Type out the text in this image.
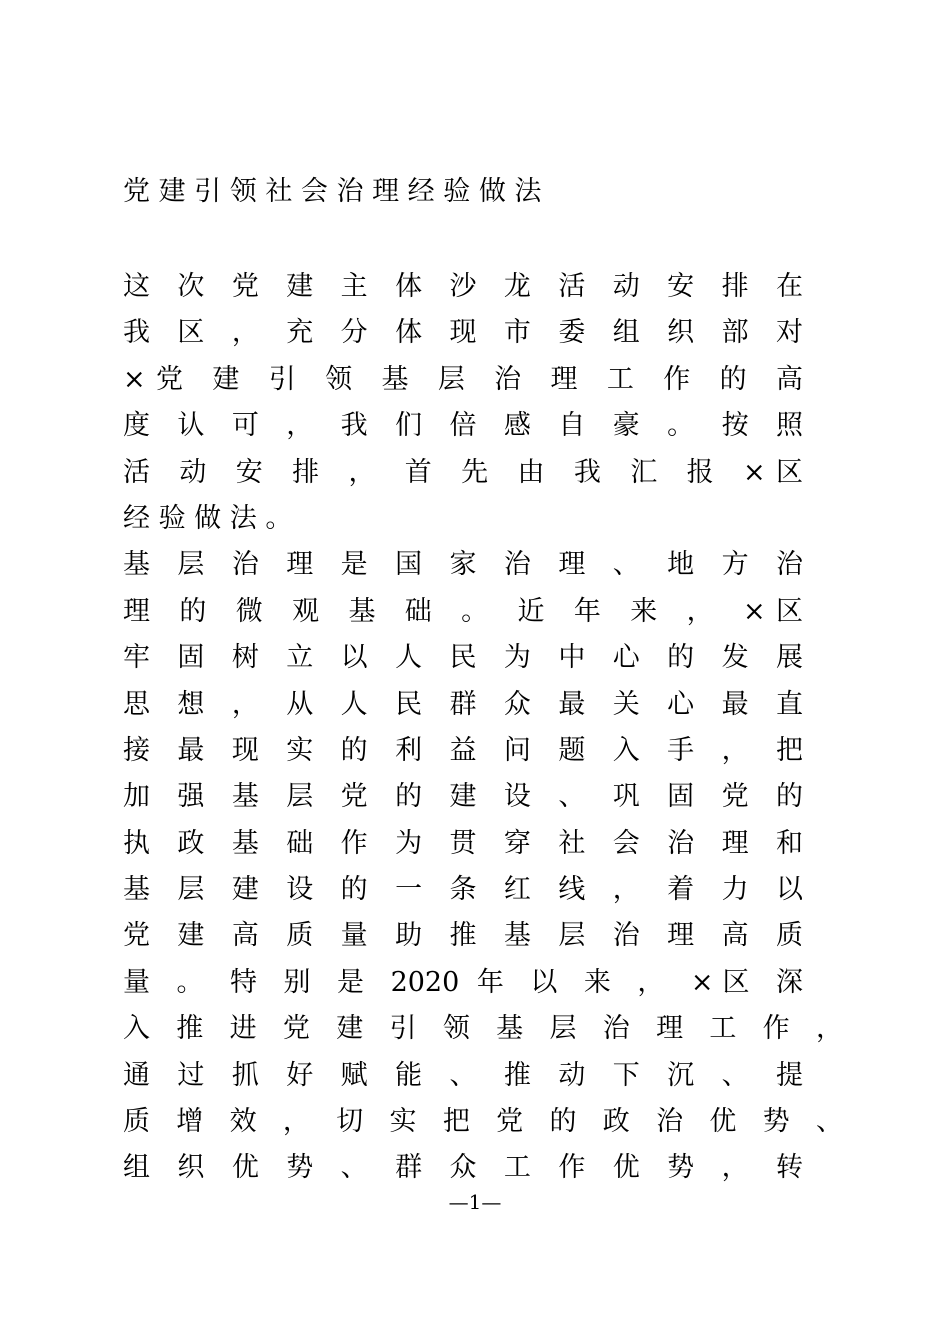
党 建 引 领 社 会 治 理 经 验 做 法
这 次 党 建 主 体 沙 龙 活 动 安 排 在
我 区 ， 充 分 体 现 市 委 组 织 部 对
×党 建 引 领 基 层 治 理 工 作 的 高
度 认 可 ， 我 们 倍 感 自 豪 。 按 照
活 动 安 排 ， 首 先 由 我 汇 报 ×区
经 验 做 法 。
基 层 治 理 是 国 家 治 理 、 地 方 治
理 的 微 观 基 础 。 近 年 来 ， ×区
牢 固 树 立 以 人 民 为 中 心 的 发 展
思 想 ， 从 人 民 群 众 最 关 心 最 直
接 最 现 实 的 利 益 问 题 入 手 ， 把
加 强 基 层 党 的 建 设 、 巩 固 党 的
执 政 基 础 作 为 贯 穿 社 会 治 理 和
基 层 建 设 的 一 条 红 线 ， 着 力 以
党 建 高 质 量 助 推 基 层 治 理 高 质
量 。 特 别 是 2020 年 以 来 ， ×区 深
入 推 进 党 建 引 领 基 层 治 理 工 作 ，
通 过 抓 好 赋 能 、 推 动 下 沉 、 提
质 增 效 ， 切 实 把 党 的 政 治 优 势 、
组 织 优 势 、 群 众 工 作 优 势 ， 转
—1—
